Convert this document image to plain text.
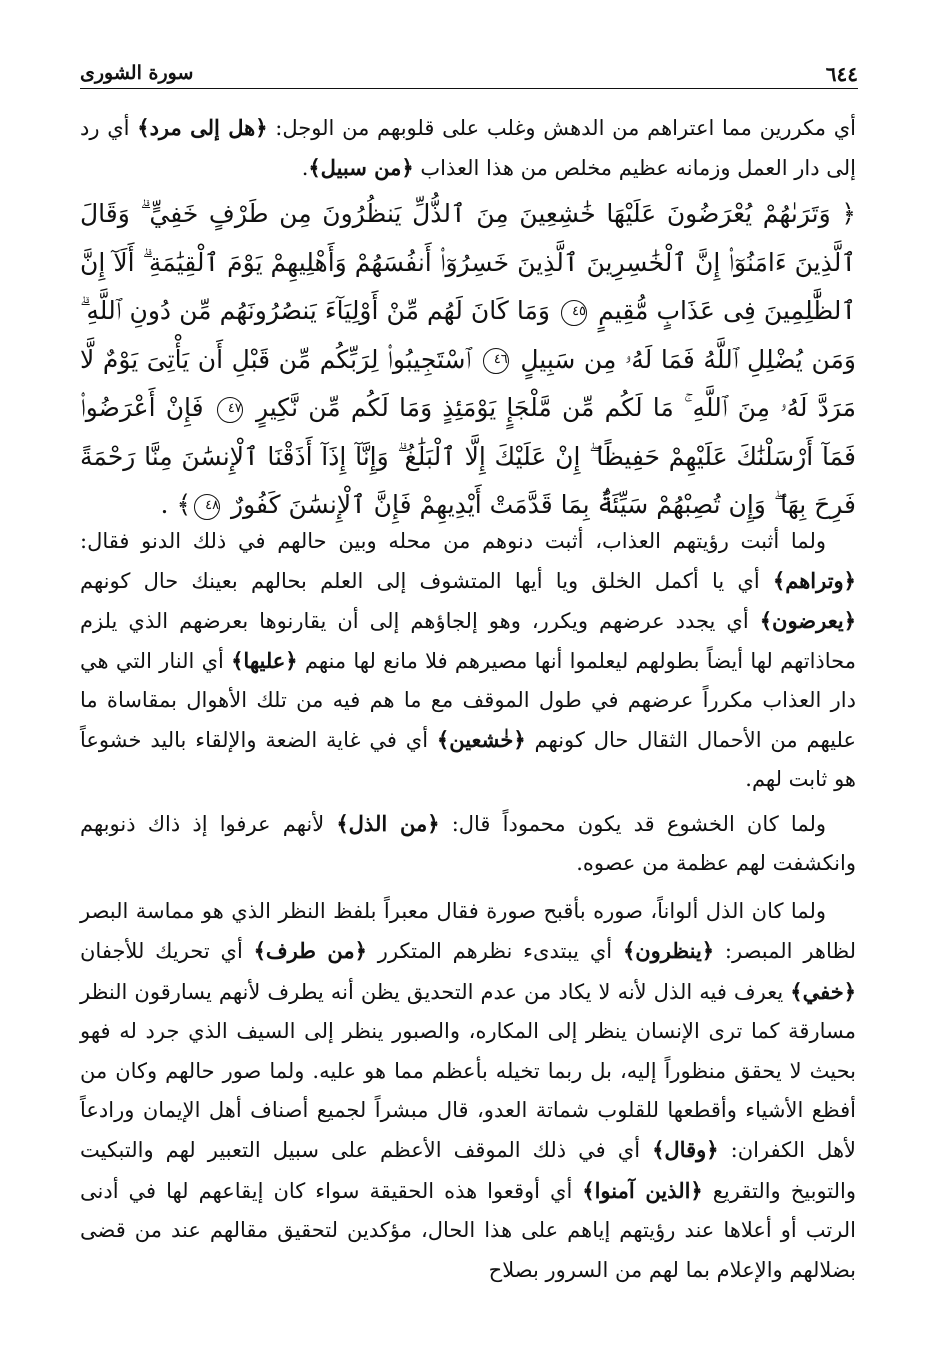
٦٤٤
سورة الشورى

أي مكررين مما اعتراهم من الدهش وغلب على قلوبهم من الوجل: ﴿هل إلى مرد﴾ أي رد إلى دار العمل وزمانه عظيم مخلص من هذا العذاب ﴿من سبيل﴾.

﴿ وَتَرَىٰهُمْ يُعْرَضُونَ عَلَيْهَا خَٰشِعِينَ مِنَ ٱلذُّلِّ يَنظُرُونَ مِن طَرْفٍ خَفِيٍّ ۗ وَقَالَ ٱلَّذِينَ ءَامَنُوٓا۟ إِنَّ ٱلْخَٰسِرِينَ ٱلَّذِينَ خَسِرُوٓا۟ أَنفُسَهُمْ وَأَهْلِيهِمْ يَوْمَ ٱلْقِيَٰمَةِ ۗ أَلَآ إِنَّ ٱلظَّٰلِمِينَ فِى عَذَابٍ مُّقِيمٍ ٤٥ وَمَا كَانَ لَهُم مِّنْ أَوْلِيَآءَ يَنصُرُونَهُم مِّن دُونِ ٱللَّهِ ۗ وَمَن يُضْلِلِ ٱللَّهُ فَمَا لَهُۥ مِن سَبِيلٍ ٤٦ ٱسْتَجِيبُوا۟ لِرَبِّكُم مِّن قَبْلِ أَن يَأْتِىَ يَوْمٌ لَّا مَرَدَّ لَهُۥ مِنَ ٱللَّهِ ۚ مَا لَكُم مِّن مَّلْجَإٍ يَوْمَئِذٍ وَمَا لَكُم مِّن نَّكِيرٍ ٤٧ فَإِنْ أَعْرَضُوا۟ فَمَآ أَرْسَلْنَٰكَ عَلَيْهِمْ حَفِيظًا ۖ إِنْ عَلَيْكَ إِلَّا ٱلْبَلَٰغُ ۗ وَإِنَّآ إِذَآ أَذَقْنَا ٱلْإِنسَٰنَ مِنَّا رَحْمَةً فَرِحَ بِهَا ۖ وَإِن تُصِبْهُمْ سَيِّئَةٌۢ بِمَا قَدَّمَتْ أَيْدِيهِمْ فَإِنَّ ٱلْإِنسَٰنَ كَفُورٌ ٤٨﴾ .

ولما أثبت رؤيتهم العذاب، أثبت دنوهم من محله وبين حالهم في ذلك الدنو فقال: ﴿وتراهم﴾ أي يا أكمل الخلق ويا أيها المتشوف إلى العلم بحالهم بعينك حال كونهم ﴿يعرضون﴾ أي يجدد عرضهم ويكرر، وهو إلجاؤهم إلى أن يقارنوها بعرضهم الذي يلزم محاذاتهم لها أيضاً بطولهم ليعلموا أنها مصيرهم فلا مانع لها منهم ﴿عليها﴾ أي النار التي هي دار العذاب مكرراً عرضهم في طول الموقف مع ما هم فيه من تلك الأهوال بمقاساة ما عليهم من الأحمال الثقال حال كونهم ﴿خٰشعين﴾ أي في غاية الضعة والإلقاء باليد خشوعاً هو ثابت لهم.

ولما كان الخشوع قد يكون محموداً قال: ﴿من الذل﴾ لأنهم عرفوا إذ ذاك ذنوبهم وانكشفت لهم عظمة من عصوه.

ولما كان الذل ألواناً، صوره بأقبح صورة فقال معبراً بلفظ النظر الذي هو مماسة البصر لظاهر المبصر: ﴿ينظرون﴾ أي يبتدىء نظرهم المتكرر ﴿من طرف﴾ أي تحريك للأجفان ﴿خفي﴾ يعرف فيه الذل لأنه لا يكاد من عدم التحديق يظن أنه يطرف لأنهم يسارقون النظر مسارقة كما ترى الإنسان ينظر إلى المكاره، والصبور ينظر إلى السيف الذي جرد له فهو بحيث لا يحقق منظوراً إليه، بل ربما تخيله بأعظم مما هو عليه. ولما صور حالهم وكان من أفظع الأشياء وأقطعها للقلوب شماتة العدو، قال مبشراً لجميع أصناف أهل الإيمان ورادعاً لأهل الكفران: ﴿وقال﴾ أي في ذلك الموقف الأعظم على سبيل التعبير لهم والتبكيت والتوبيخ والتقريع ﴿الذين آمنوا﴾ أي أوقعوا هذه الحقيقة سواء كان إيقاعهم لها في أدنى الرتب أو أعلاها عند رؤيتهم إياهم على هذا الحال، مؤكدين لتحقيق مقالهم عند من قضى بضلالهم والإعلام بما لهم من السرور بصلاح
